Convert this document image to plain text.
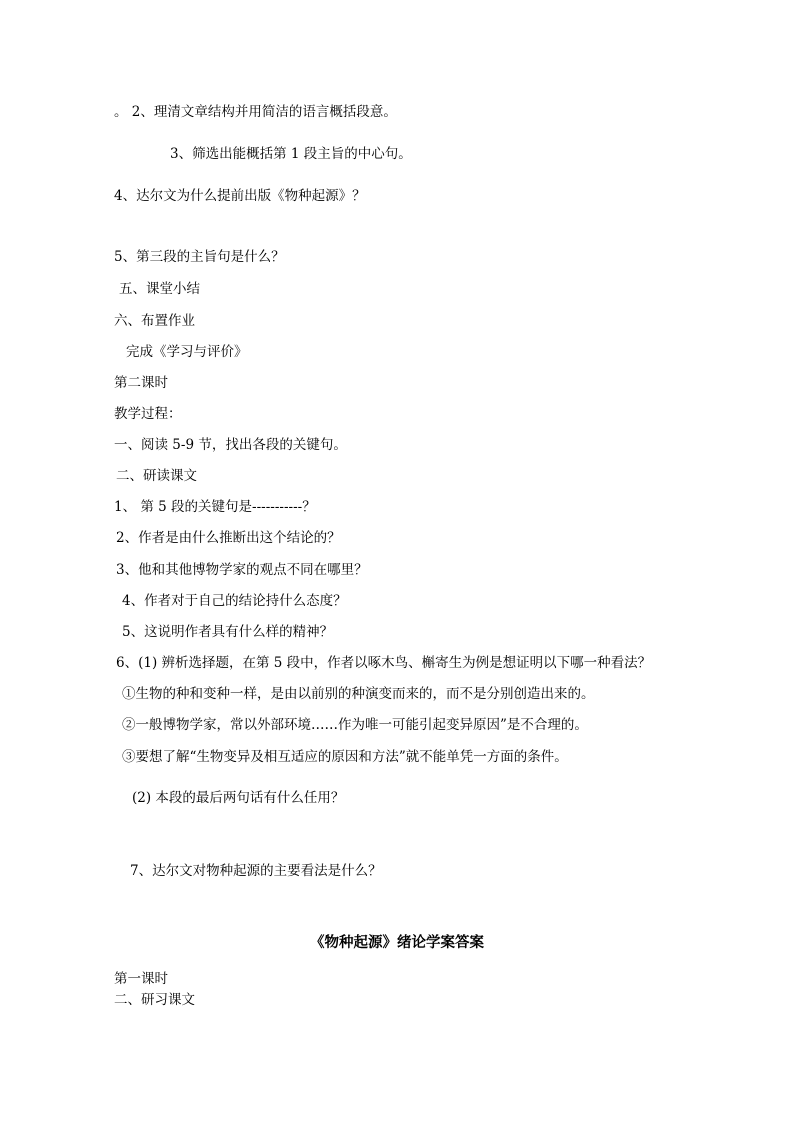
。 2、理清文章结构并用简洁的语言概括段意。
3、筛选出能概括第 1 段主旨的中心句。
4、达尔文为什么提前出版《物种起源》？
5、第三段的主旨句是什么？
五、课堂小结
六、布置作业
完成《学习与评价》
第二课时
教学过程：
一、阅读 5-9 节，找出各段的关键句。
二、研读课文
1、 第 5 段的关键句是-----------？
2、作者是由什么推断出这个结论的？
3、他和其他博物学家的观点不同在哪里？
4、作者对于自己的结论持什么态度？
5、这说明作者具有什么样的精神？
6、(1) 辨析选择题，在第 5 段中，作者以啄木鸟、槲寄生为例是想证明以下哪一种看法？
①生物的种和变种一样，是由以前别的种演变而来的，而不是分别创造出来的。
②一般博物学家，常以外部环境……作为唯一可能引起变异原因”是不合理的。
③要想了解“生物变异及相互适应的原因和方法”就不能单凭一方面的条件。
(2) 本段的最后两句话有什么任用？
7、达尔文对物种起源的主要看法是什么？
《物种起源》绪论学案答案
第一课时
二、研习课文
